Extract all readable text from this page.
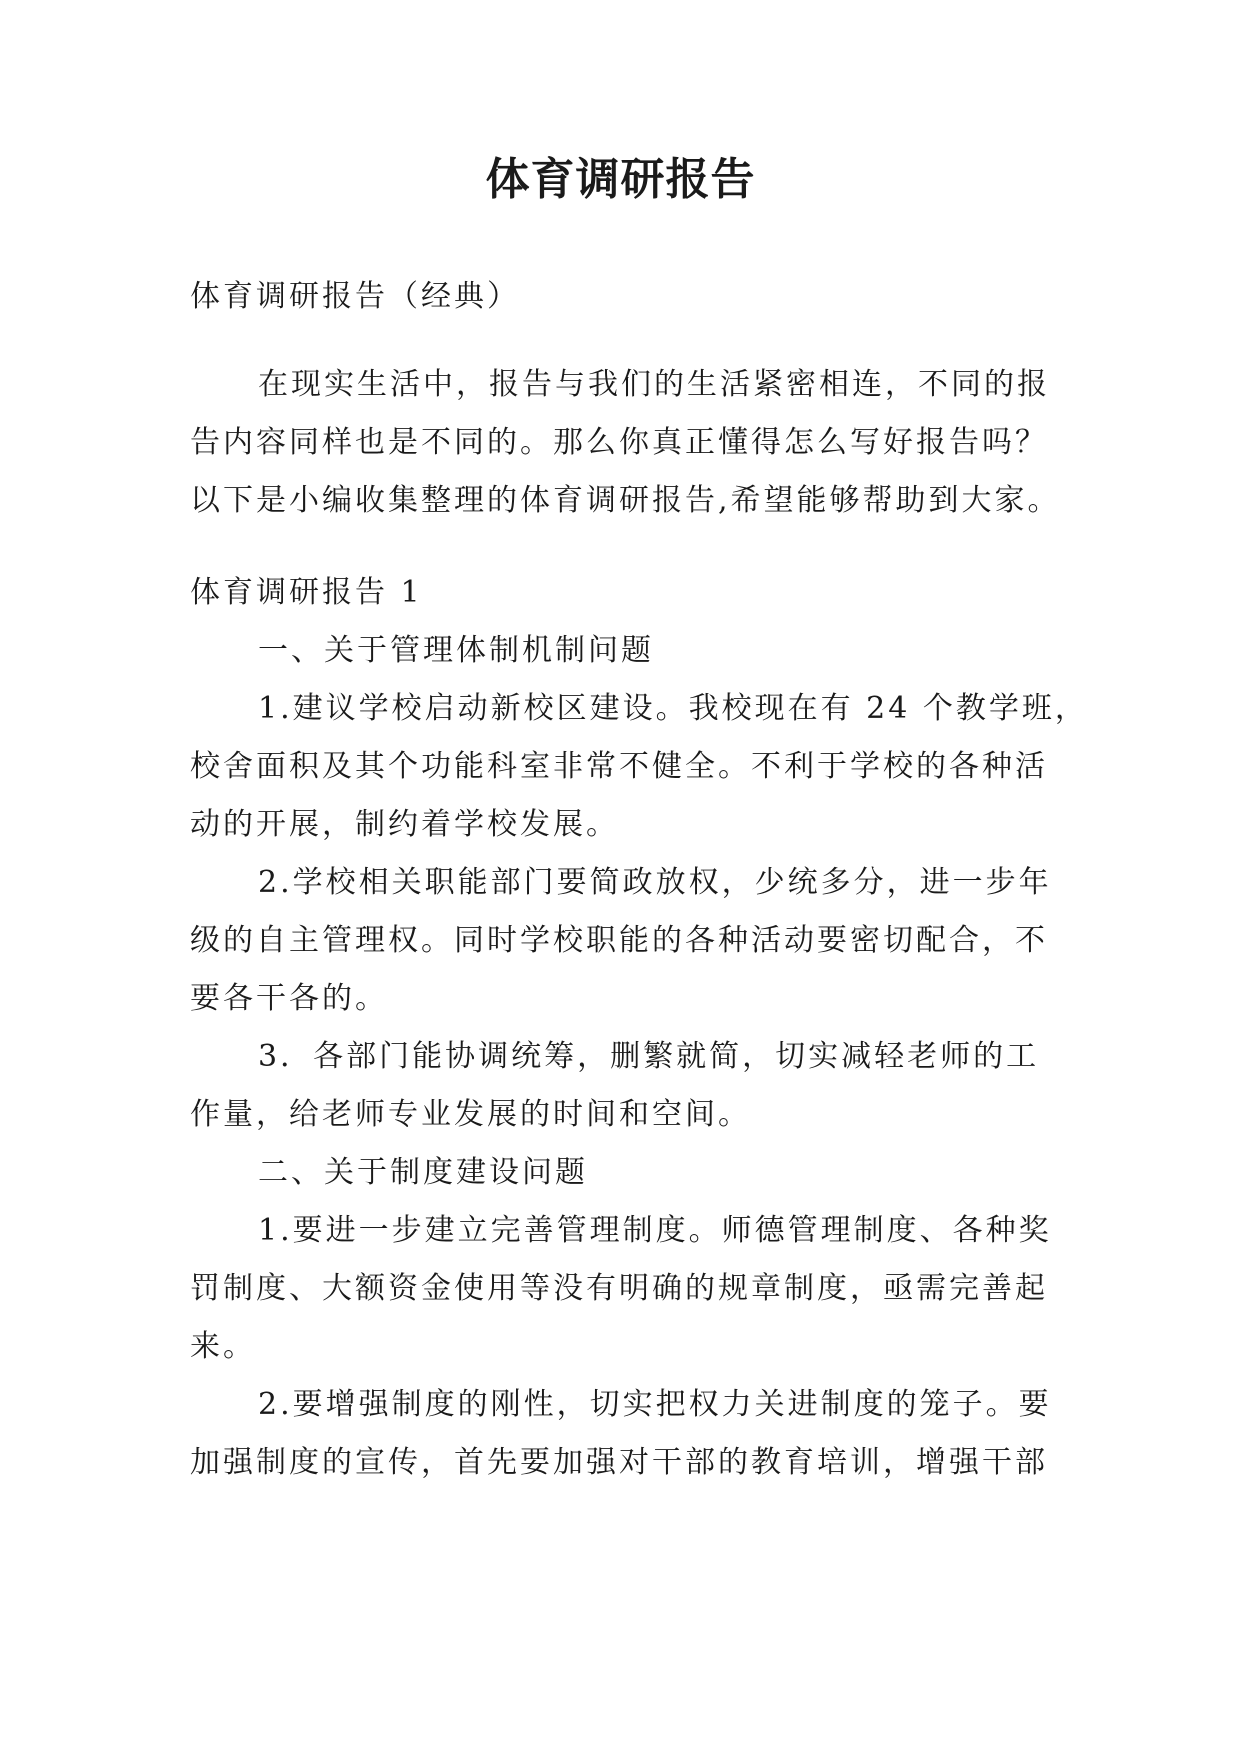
体育调研报告

体育调研报告（经典）

在现实生活中，报告与我们的生活紧密相连，不同的报
告内容同样也是不同的。那么你真正懂得怎么写好报告吗？
以下是小编收集整理的体育调研报告,希望能够帮助到大家。

体育调研报告 1
一、关于管理体制机制问题
1.建议学校启动新校区建设。我校现在有 24 个教学班，
校舍面积及其个功能科室非常不健全。不利于学校的各种活
动的开展，制约着学校发展。
2.学校相关职能部门要简政放权，少统多分，进一步年
级的自主管理权。同时学校职能的各种活动要密切配合，不
要各干各的。
3．各部门能协调统筹，删繁就简，切实减轻老师的工
作量，给老师专业发展的时间和空间。
二、关于制度建设问题
1.要进一步建立完善管理制度。师德管理制度、各种奖
罚制度、大额资金使用等没有明确的规章制度，亟需完善起
来。
2.要增强制度的刚性，切实把权力关进制度的笼子。要
加强制度的宣传，首先要加强对干部的教育培训，增强干部
